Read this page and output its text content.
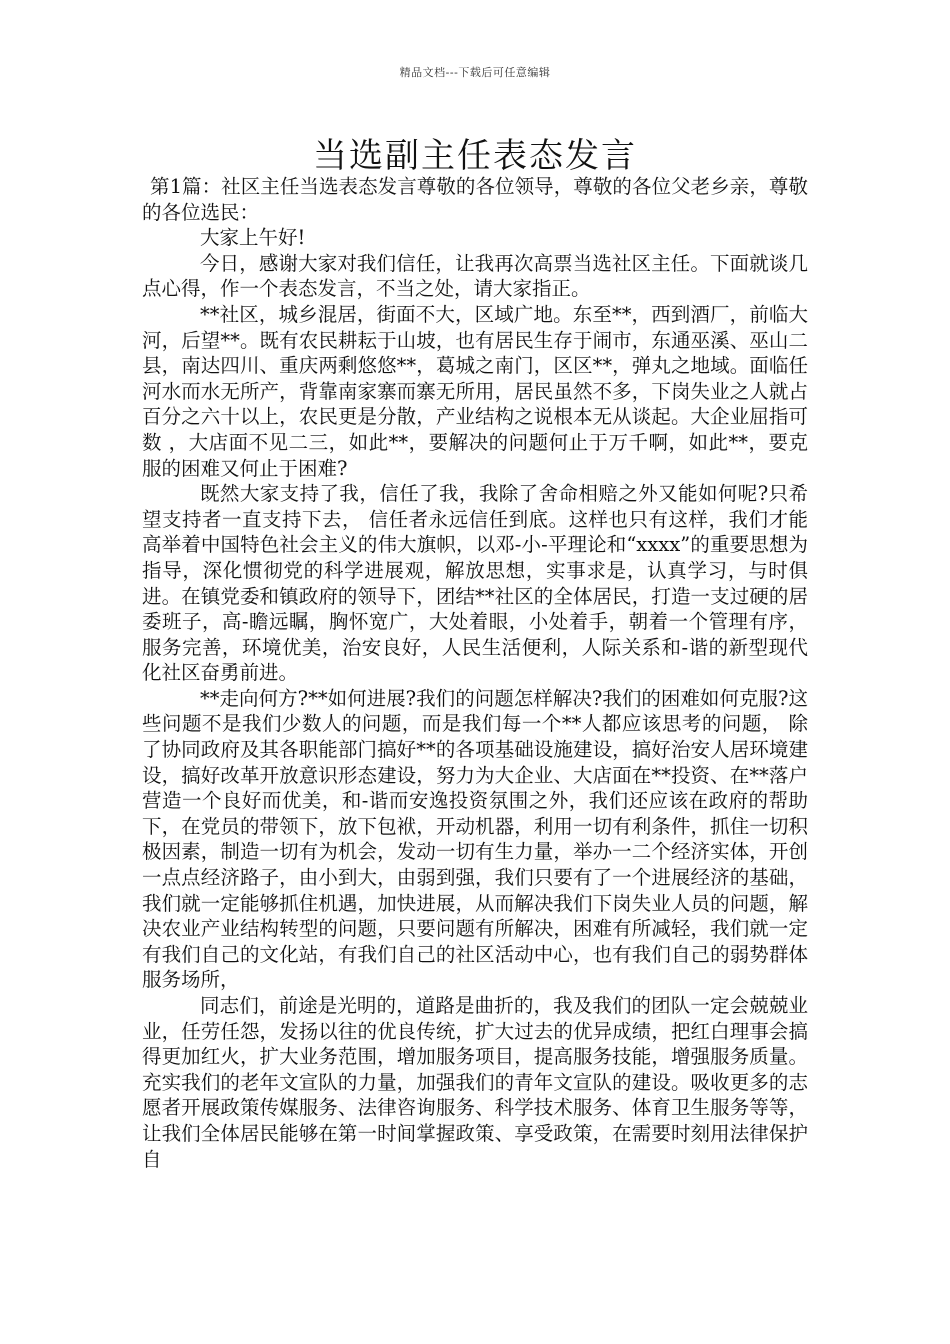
精品文档---下载后可任意编辑
当选副主任表态发言

第1篇：社区主任当选表态发言尊敬的各位领导，尊敬的各位父老乡亲，尊敬的各位选民：

大家上午好!

今日，感谢大家对我们信任，让我再次高票当选社区主任。下面就谈几点心得，作一个表态发言，不当之处，请大家指正。

**社区，城乡混居，街面不大，区域广地。东至**，西到酒厂，前临大河，后望**。既有农民耕耘于山坡，也有居民生存于闹市，东通巫溪、巫山二县，南达四川、重庆两剩悠悠**，葛城之南门，区区**，弹丸之地域。面临任河水而水无所产，背靠南家寨而寨无所用，居民虽然不多，下岗失业之人就占百分之六十以上，农民更是分散，产业结构之说根本无从谈起。大企业屈指可数 ，大店面不见二三，如此**，要解决的问题何止于万千啊，如此**，要克服的困难又何止于困难?

既然大家支持了我，信任了我，我除了舍命相赔之外又能如何呢?只希望支持者一直支持下去， 信任者永远信任到底。这样也只有这样，我们才能高举着中国特色社会主义的伟大旗帜，以邓-小-平理论和“xxxx”的重要思想为指导，深化惯彻党的科学进展观，解放思想，实事求是，认真学习，与时俱进。在镇党委和镇政府的领导下，团结**社区的全体居民，打造一支过硬的居委班子，高-瞻远瞩，胸怀宽广，大处着眼，小处着手，朝着一个管理有序，服务完善，环境优美，治安良好，人民生活便利，人际关系和-谐的新型现代化社区奋勇前进。

**走向何方?**如何进展?我们的问题怎样解决?我们的困难如何克服?这些问题不是我们少数人的问题，而是我们每一个**人都应该思考的问题， 除了协同政府及其各职能部门搞好**的各项基础设施建设，搞好治安人居环境建设，搞好改革开放意识形态建设，努力为大企业、大店面在**投资、在**落户营造一个良好而优美，和-谐而安逸投资氛围之外，我们还应该在政府的帮助下，在党员的带领下，放下包袱，开动机器，利用一切有利条件，抓住一切积极因素，制造一切有为机会，发动一切有生力量，举办一二个经济实体，开创一点点经济路子，由小到大，由弱到强，我们只要有了一个进展经济的基础，我们就一定能够抓住机遇，加快进展，从而解决我们下岗失业人员的问题，解决农业产业结构转型的问题，只要问题有所解决，困难有所减轻，我们就一定有我们自己的文化站，有我们自己的社区活动中心，也有我们自己的弱势群体服务场所，

同志们，前途是光明的，道路是曲折的，我及我们的团队一定会兢兢业业，任劳任怨，发扬以往的优良传统，扩大过去的优异成绩，把红白理事会搞得更加红火，扩大业务范围，增加服务项目，提高服务技能，增强服务质量。充实我们的老年文宣队的力量，加强我们的青年文宣队的建设。吸收更多的志愿者开展政策传媒服务、法律咨询服务、科学技术服务、体育卫生服务等等，让我们全体居民能够在第一时间掌握政策、享受政策，在需要时刻用法律保护自
